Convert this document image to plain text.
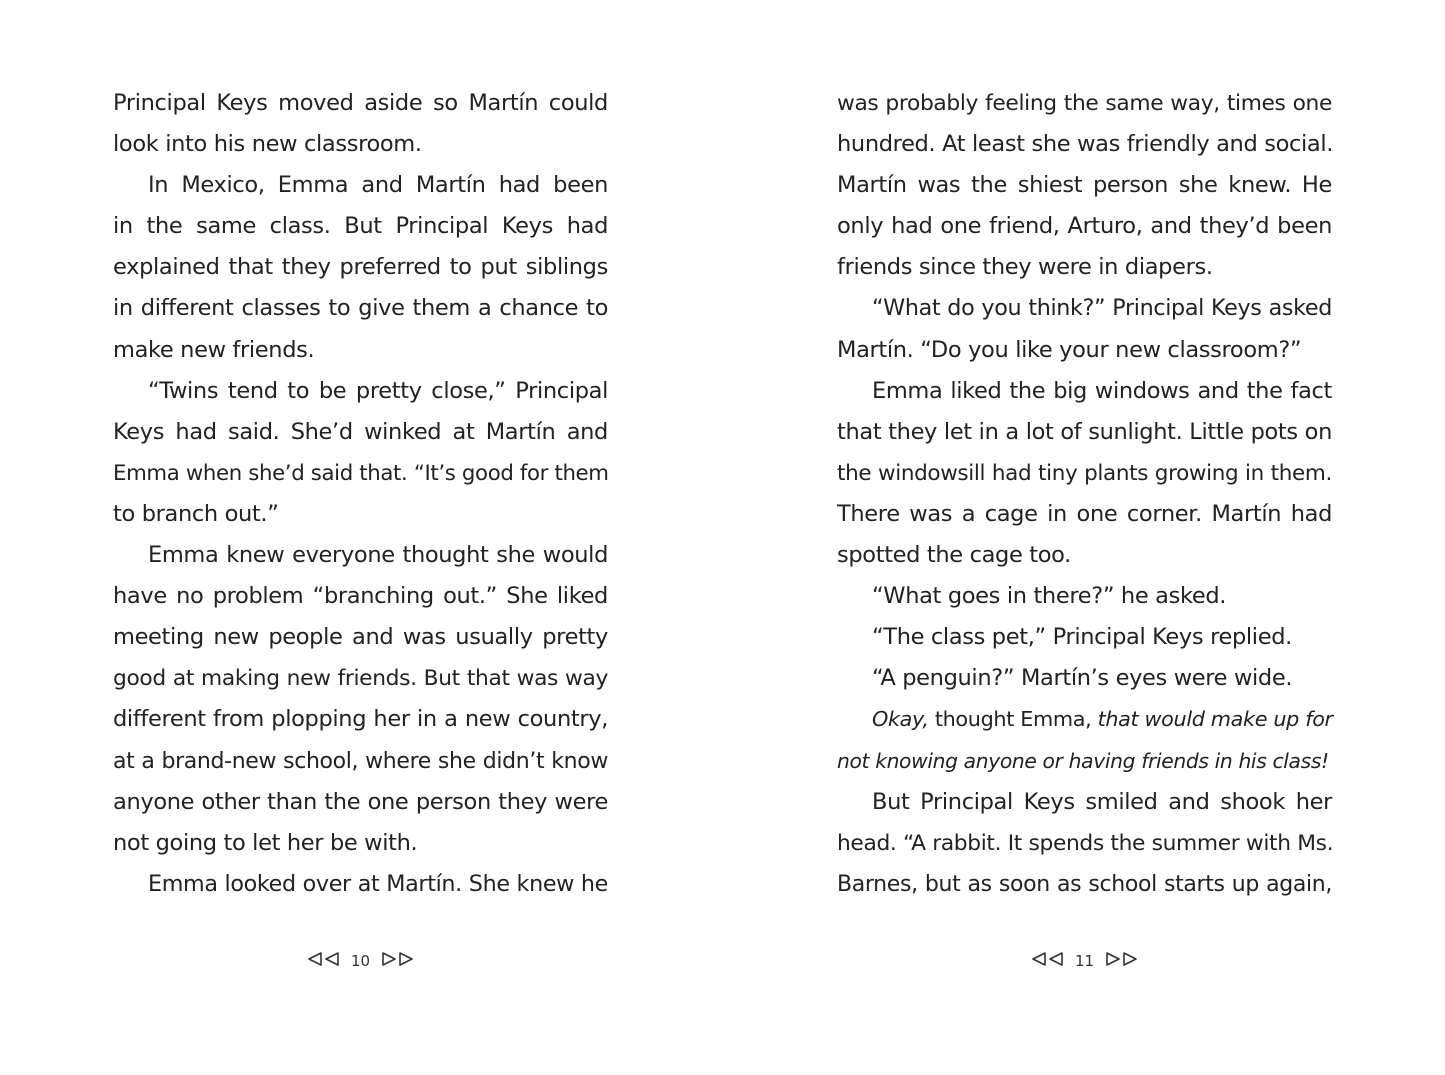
Principal Keys moved aside so Martín could
look into his new classroom.
In Mexico, Emma and Martín had been
in the same class. But Principal Keys had
explained that they preferred to put siblings
in different classes to give them a chance to
make new friends.
“Twins tend to be pretty close,” Principal
Keys had said. She’d winked at Martín and
Emma when she’d said that. “It’s good for them
to branch out.”
Emma knew everyone thought she would
have no problem “branching out.” She liked
meeting new people and was usually pretty
good at making new friends. But that was way
different from plopping her in a new country,
at a brand-new school, where she didn’t know
anyone other than the one person they were
not going to let her be with.
Emma looked over at Martín. She knew he
was probably feeling the same way, times one
hundred. At least she was friendly and social.
Martín was the shiest person she knew. He
only had one friend, Arturo, and they’d been
friends since they were in diapers.
“What do you think?” Principal Keys asked
Martín. “Do you like your new classroom?”
Emma liked the big windows and the fact
that they let in a lot of sunlight. Little pots on
the windowsill had tiny plants growing in them.
There was a cage in one corner. Martín had
spotted the cage too.
“What goes in there?” he asked.
“The class pet,” Principal Keys replied.
“A penguin?” Martín’s eyes were wide.
Okay, thought Emma, that would make up for
not knowing anyone or having friends in his class!
But Principal Keys smiled and shook her
head. “A rabbit. It spends the summer with Ms.
Barnes, but as soon as school starts up again,
10	11
